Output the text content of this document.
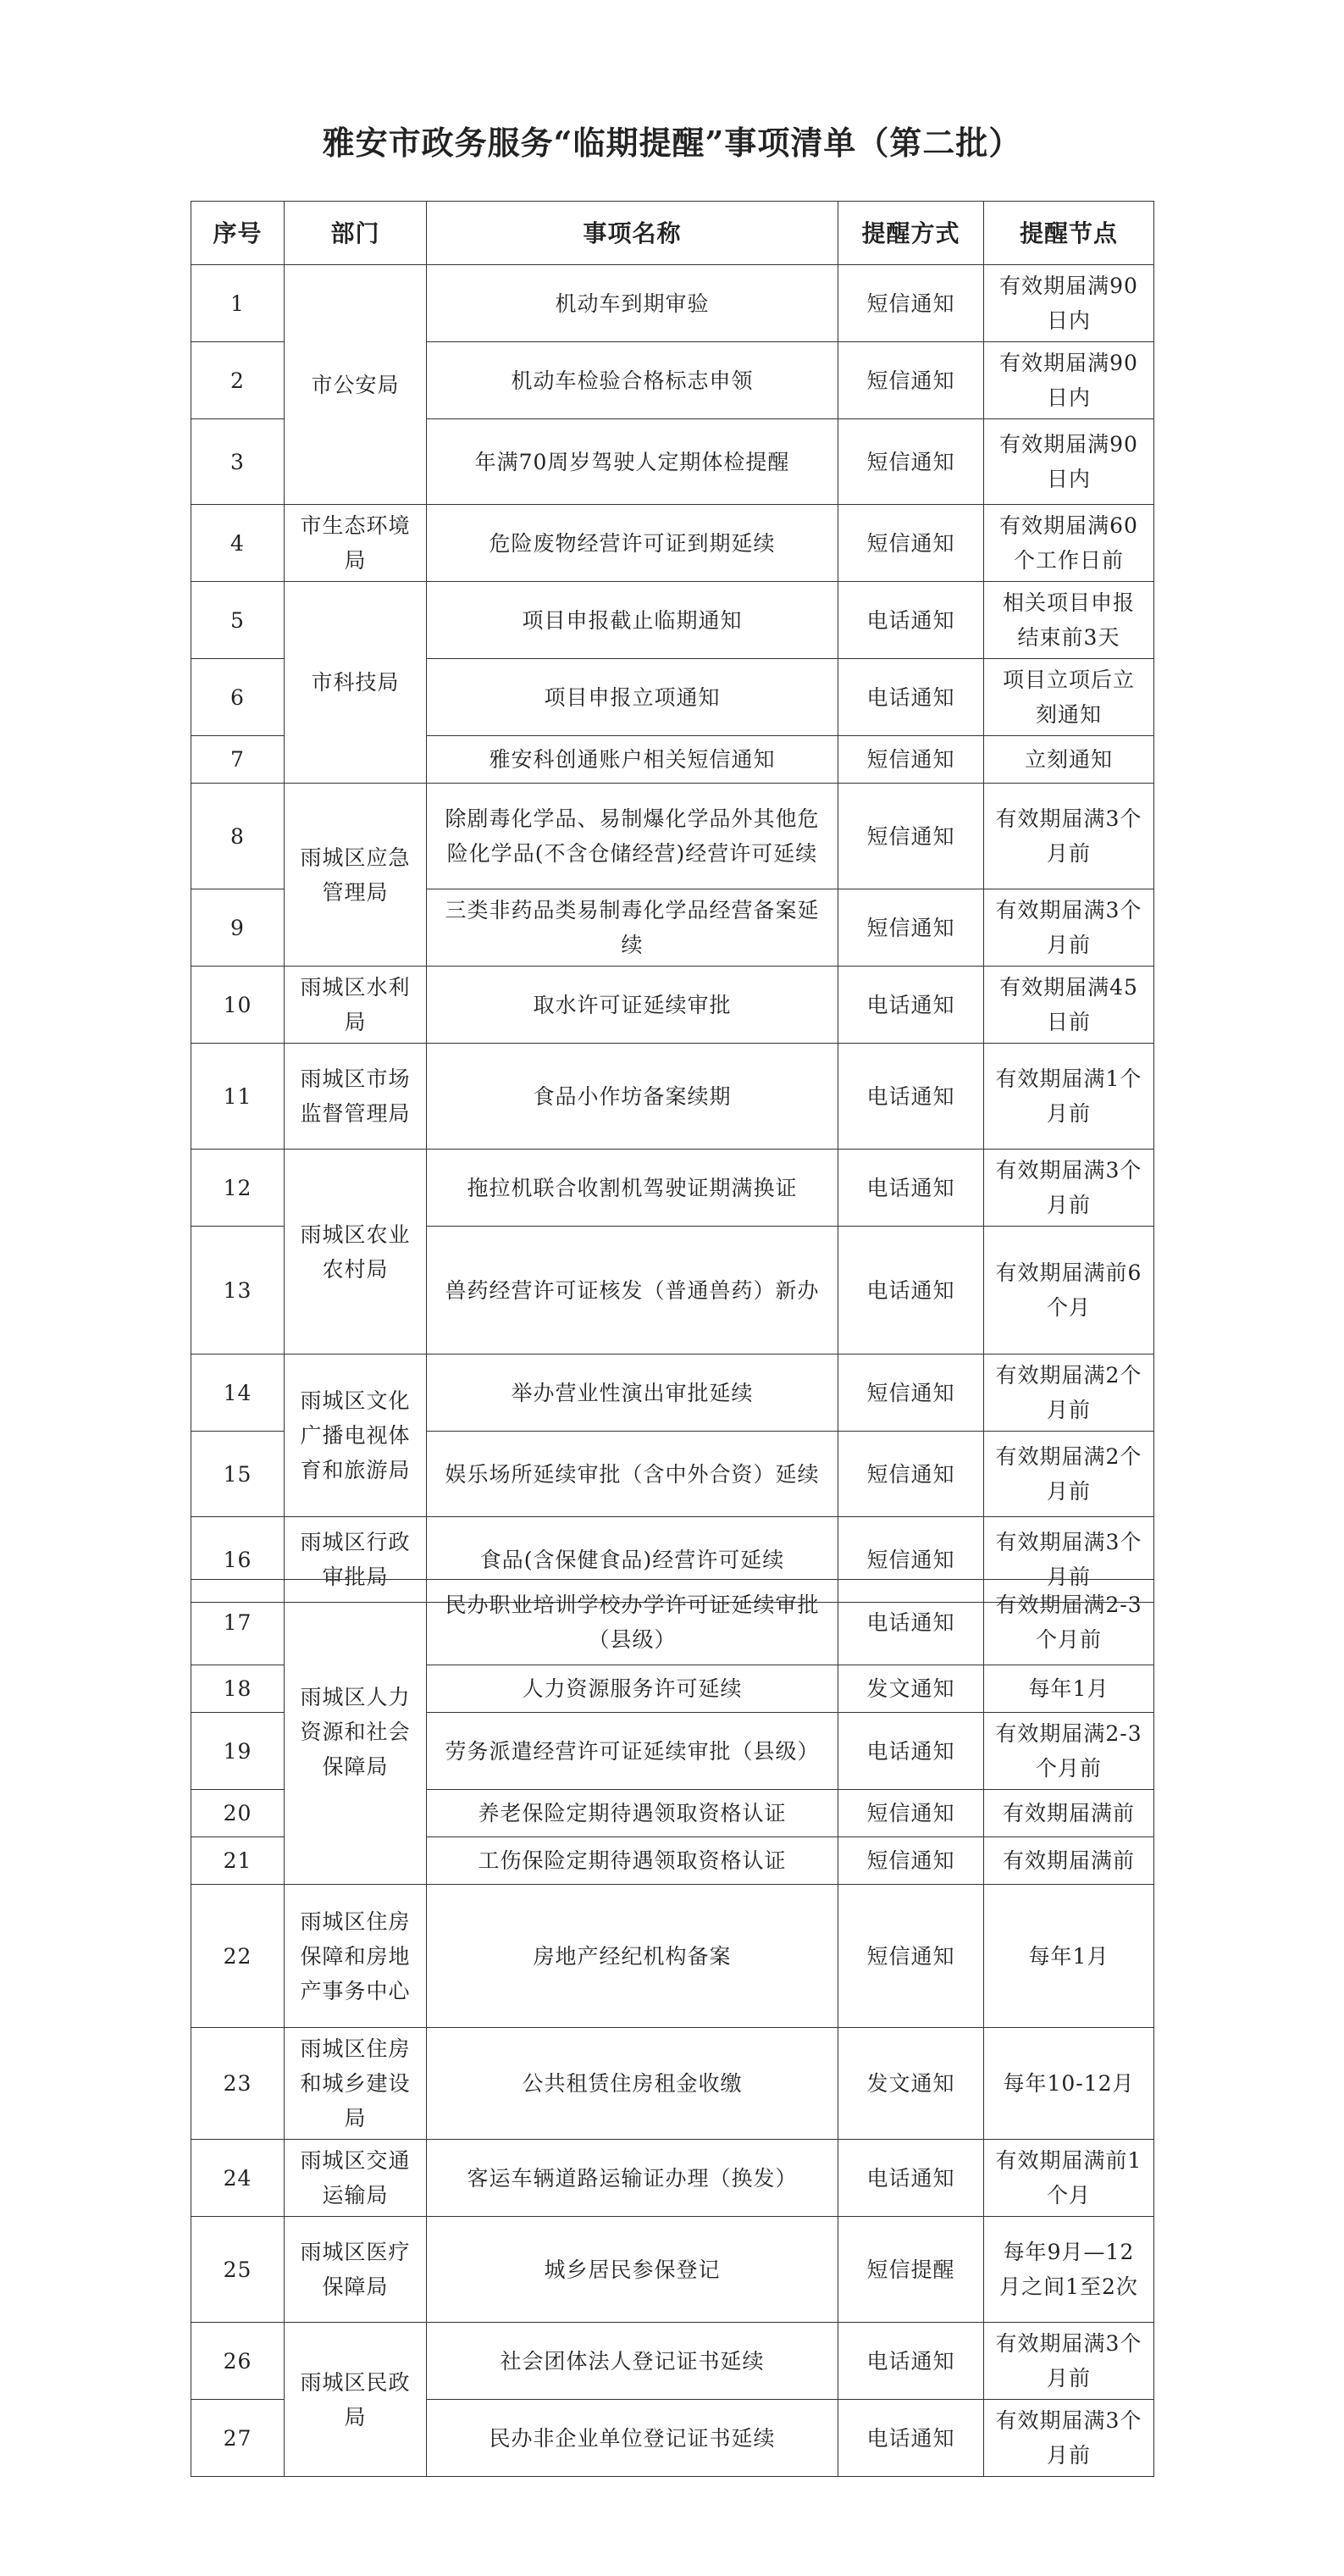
雅安市政务服务“临期提醒”事项清单（第二批）
序号	部门	事项名称	提醒方式	提醒节点
1	市公安局	机动车到期审验	短信通知	有效期届满90日内
2		机动车检验合格标志申领	短信通知	有效期届满90日内
3		年满70周岁驾驶人定期体检提醒	短信通知	有效期届满90日内
4	市生态环境局	危险废物经营许可证到期延续	短信通知	有效期届满60个工作日前
5	市科技局	项目申报截止临期通知	电话通知	相关项目申报结束前3天
6		项目申报立项通知	电话通知	项目立项后立刻通知
7		雅安科创通账户相关短信通知	短信通知	立刻通知
8	雨城区应急管理局	除剧毒化学品、易制爆化学品外其他危险化学品(不含仓储经营)经营许可延续	短信通知	有效期届满3个月前
9		三类非药品类易制毒化学品经营备案延续	短信通知	有效期届满3个月前
10	雨城区水利局	取水许可证延续审批	电话通知	有效期届满45日前
11	雨城区市场监督管理局	食品小作坊备案续期	电话通知	有效期届满1个月前
12	雨城区农业农村局	拖拉机联合收割机驾驶证期满换证	电话通知	有效期届满3个月前
13		兽药经营许可证核发（普通兽药）新办	电话通知	有效期届满前6个月
14	雨城区文化广播电视体育和旅游局	举办营业性演出审批延续	短信通知	有效期届满2个月前
15		娱乐场所延续审批（含中外合资）延续	短信通知	有效期届满2个月前
16	雨城区行政审批局	食品(含保健食品)经营许可延续	短信通知	有效期届满3个月前
17	雨城区人力资源和社会保障局	民办职业培训学校办学许可证延续审批（县级）	电话通知	有效期届满2-3个月前
18		人力资源服务许可延续	发文通知	每年1月
19		劳务派遣经营许可证延续审批（县级）	电话通知	有效期届满2-3个月前
20		养老保险定期待遇领取资格认证	短信通知	有效期届满前
21		工伤保险定期待遇领取资格认证	短信通知	有效期届满前
22	雨城区住房保障和房地产事务中心	房地产经纪机构备案	短信通知	每年1月
23	雨城区住房和城乡建设局	公共租赁住房租金收缴	发文通知	每年10-12月
24	雨城区交通运输局	客运车辆道路运输证办理（换发）	电话通知	有效期届满前1个月
25	雨城区医疗保障局	城乡居民参保登记	短信提醒	每年9月—12月之间1至2次
26	雨城区民政局	社会团体法人登记证书延续	电话通知	有效期届满3个月前
27		民办非企业单位登记证书延续	电话通知	有效期届满3个月前
